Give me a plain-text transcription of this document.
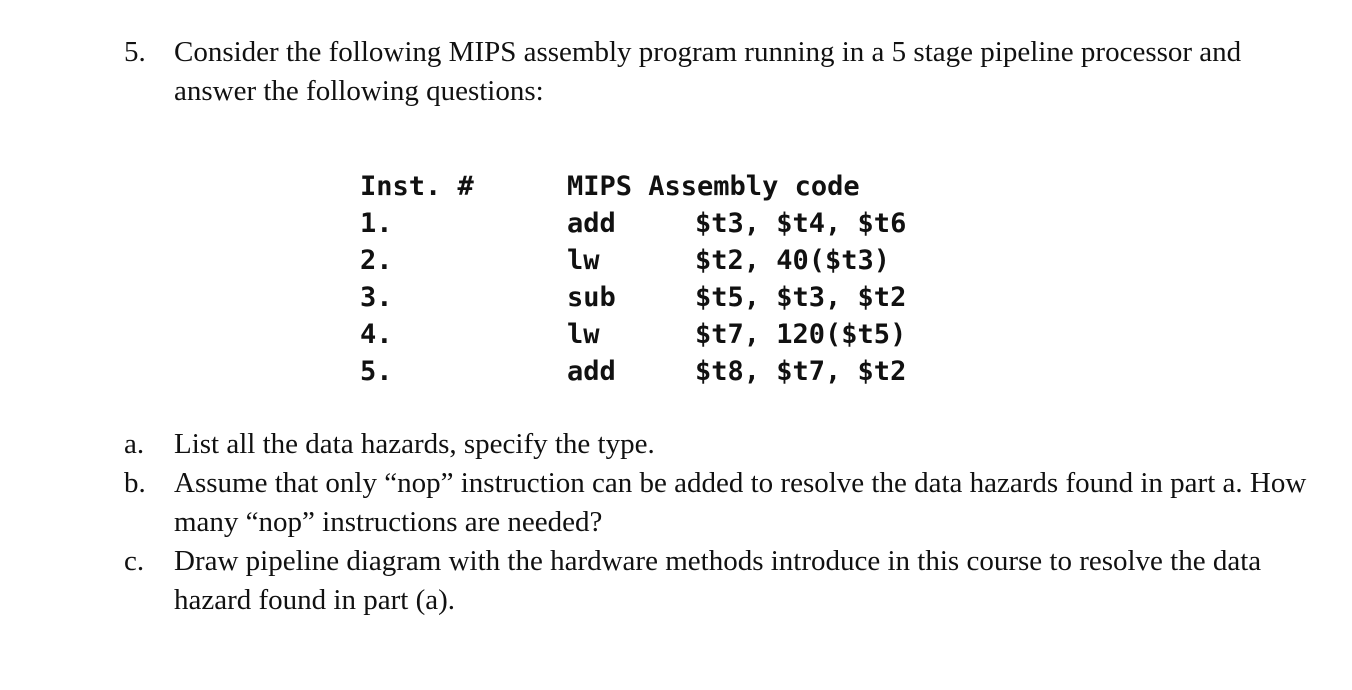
5. Consider the following MIPS assembly program running in a 5 stage pipeline processor and answer the following questions:
Inst. #	MIPS Assembly code
1.	add	$t3, $t4, $t6
2.	lw	$t2, 40($t3)
3.	sub	$t5, $t3, $t2
4.	lw	$t7, 120($t5)
5.	add	$t8, $t7, $t2
a.	List all the data hazards, specify the type.
b. Assume that only “nop” instruction can be added to resolve the data hazards found in part a. How many “nop” instructions are needed?
c.	Draw pipeline diagram with the hardware methods introduce in this course to resolve the data hazard found in part (a).
